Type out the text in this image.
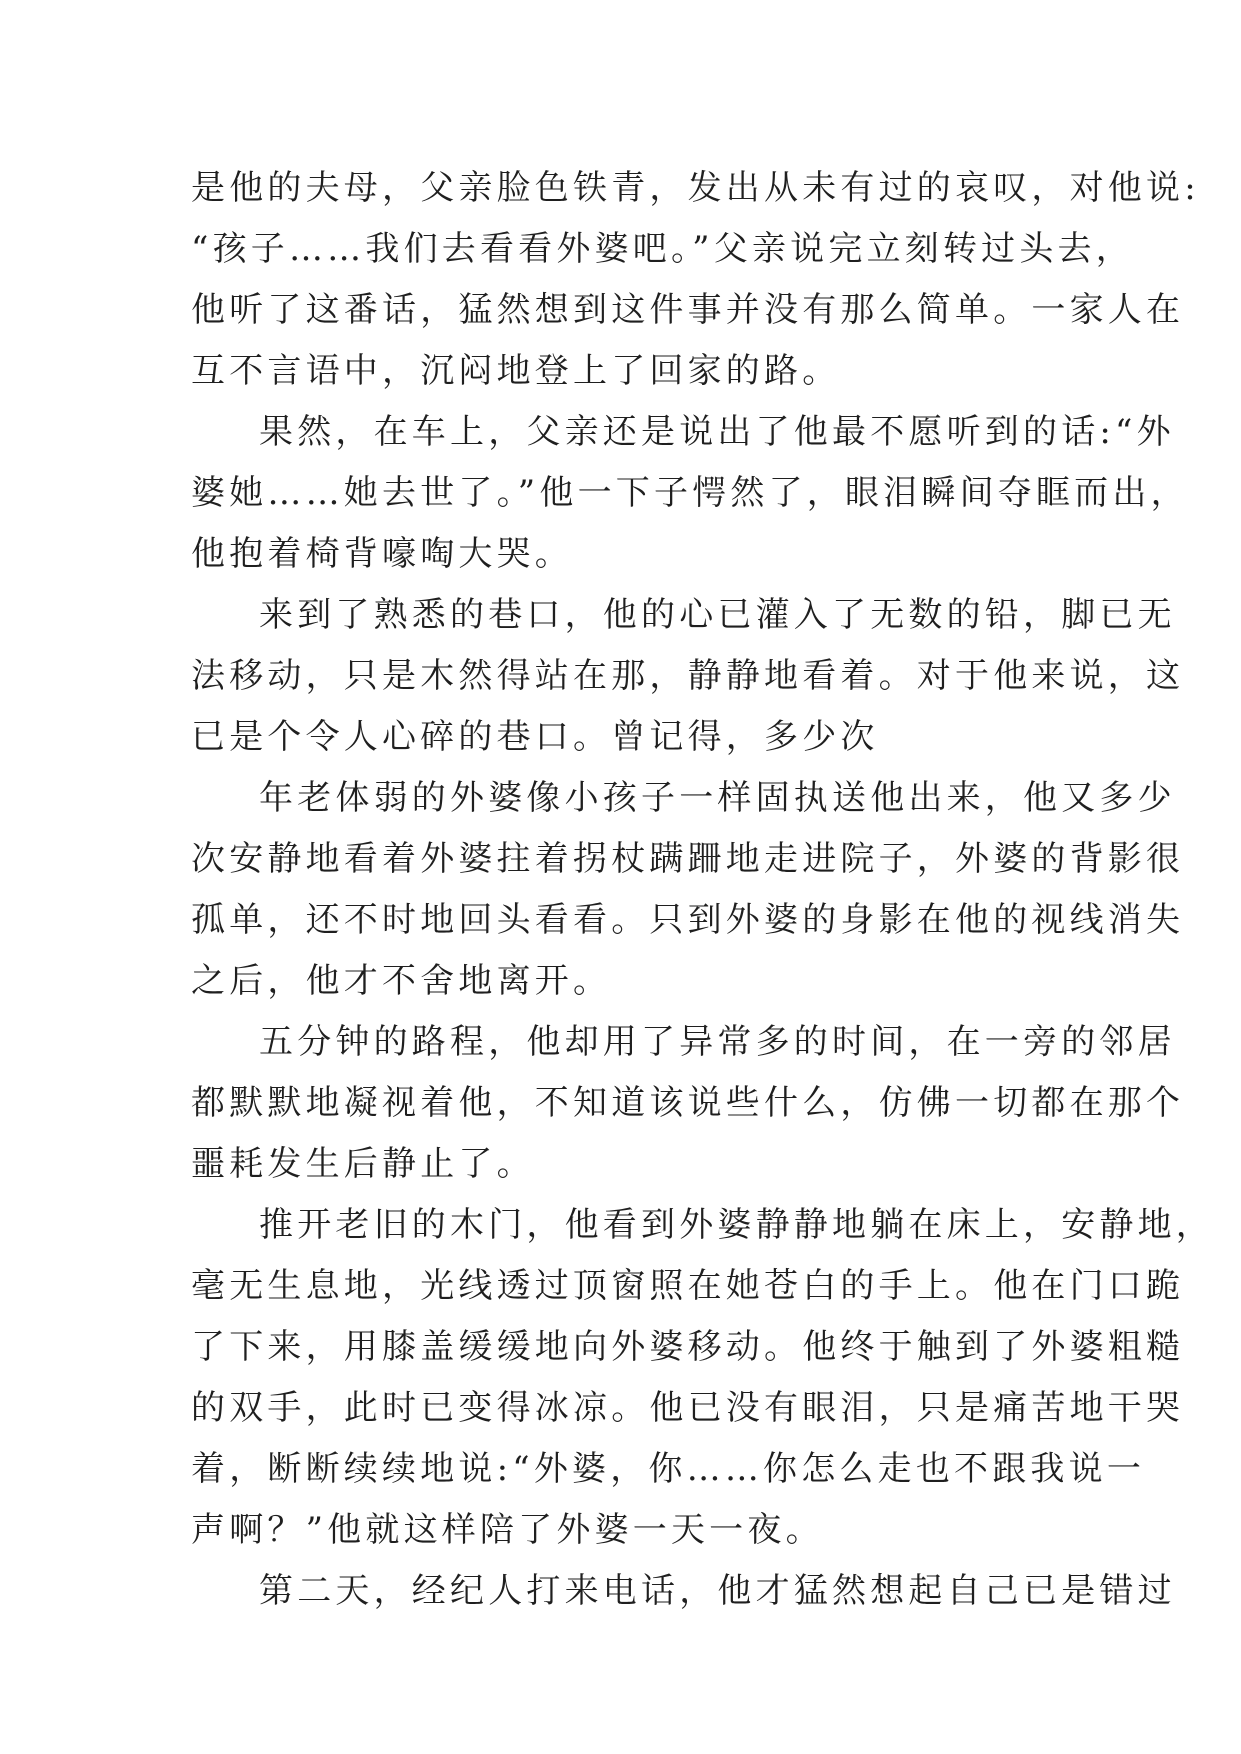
是他的夫母，父亲脸色铁青，发出从未有过的哀叹，对他说:
“孩子……我们去看看外婆吧。”父亲说完立刻转过头去，
他听了这番话，猛然想到这件事并没有那么简单。一家人在
互不言语中，沉闷地登上了回家的路。
果然，在车上，父亲还是说出了他最不愿听到的话:“外
婆她……她去世了。”他一下子愕然了，眼泪瞬间夺眶而出，
他抱着椅背嚎啕大哭。
来到了熟悉的巷口，他的心已灌入了无数的铅，脚已无
法移动，只是木然得站在那，静静地看着。对于他来说，这
已是个令人心碎的巷口。曾记得，多少次
年老体弱的外婆像小孩子一样固执送他出来，他又多少
次安静地看着外婆拄着拐杖蹒跚地走进院子，外婆的背影很
孤单，还不时地回头看看。只到外婆的身影在他的视线消失
之后，他才不舍地离开。
五分钟的路程，他却用了异常多的时间，在一旁的邻居
都默默地凝视着他，不知道该说些什么，仿佛一切都在那个
噩耗发生后静止了。
推开老旧的木门，他看到外婆静静地躺在床上，安静地，
毫无生息地，光线透过顶窗照在她苍白的手上。他在门口跪
了下来，用膝盖缓缓地向外婆移动。他终于触到了外婆粗糙
的双手，此时已变得冰凉。他已没有眼泪，只是痛苦地干哭
着，断断续续地说:“外婆，你……你怎么走也不跟我说一
声啊？”他就这样陪了外婆一天一夜。
第二天，经纪人打来电话，他才猛然想起自己已是错过
